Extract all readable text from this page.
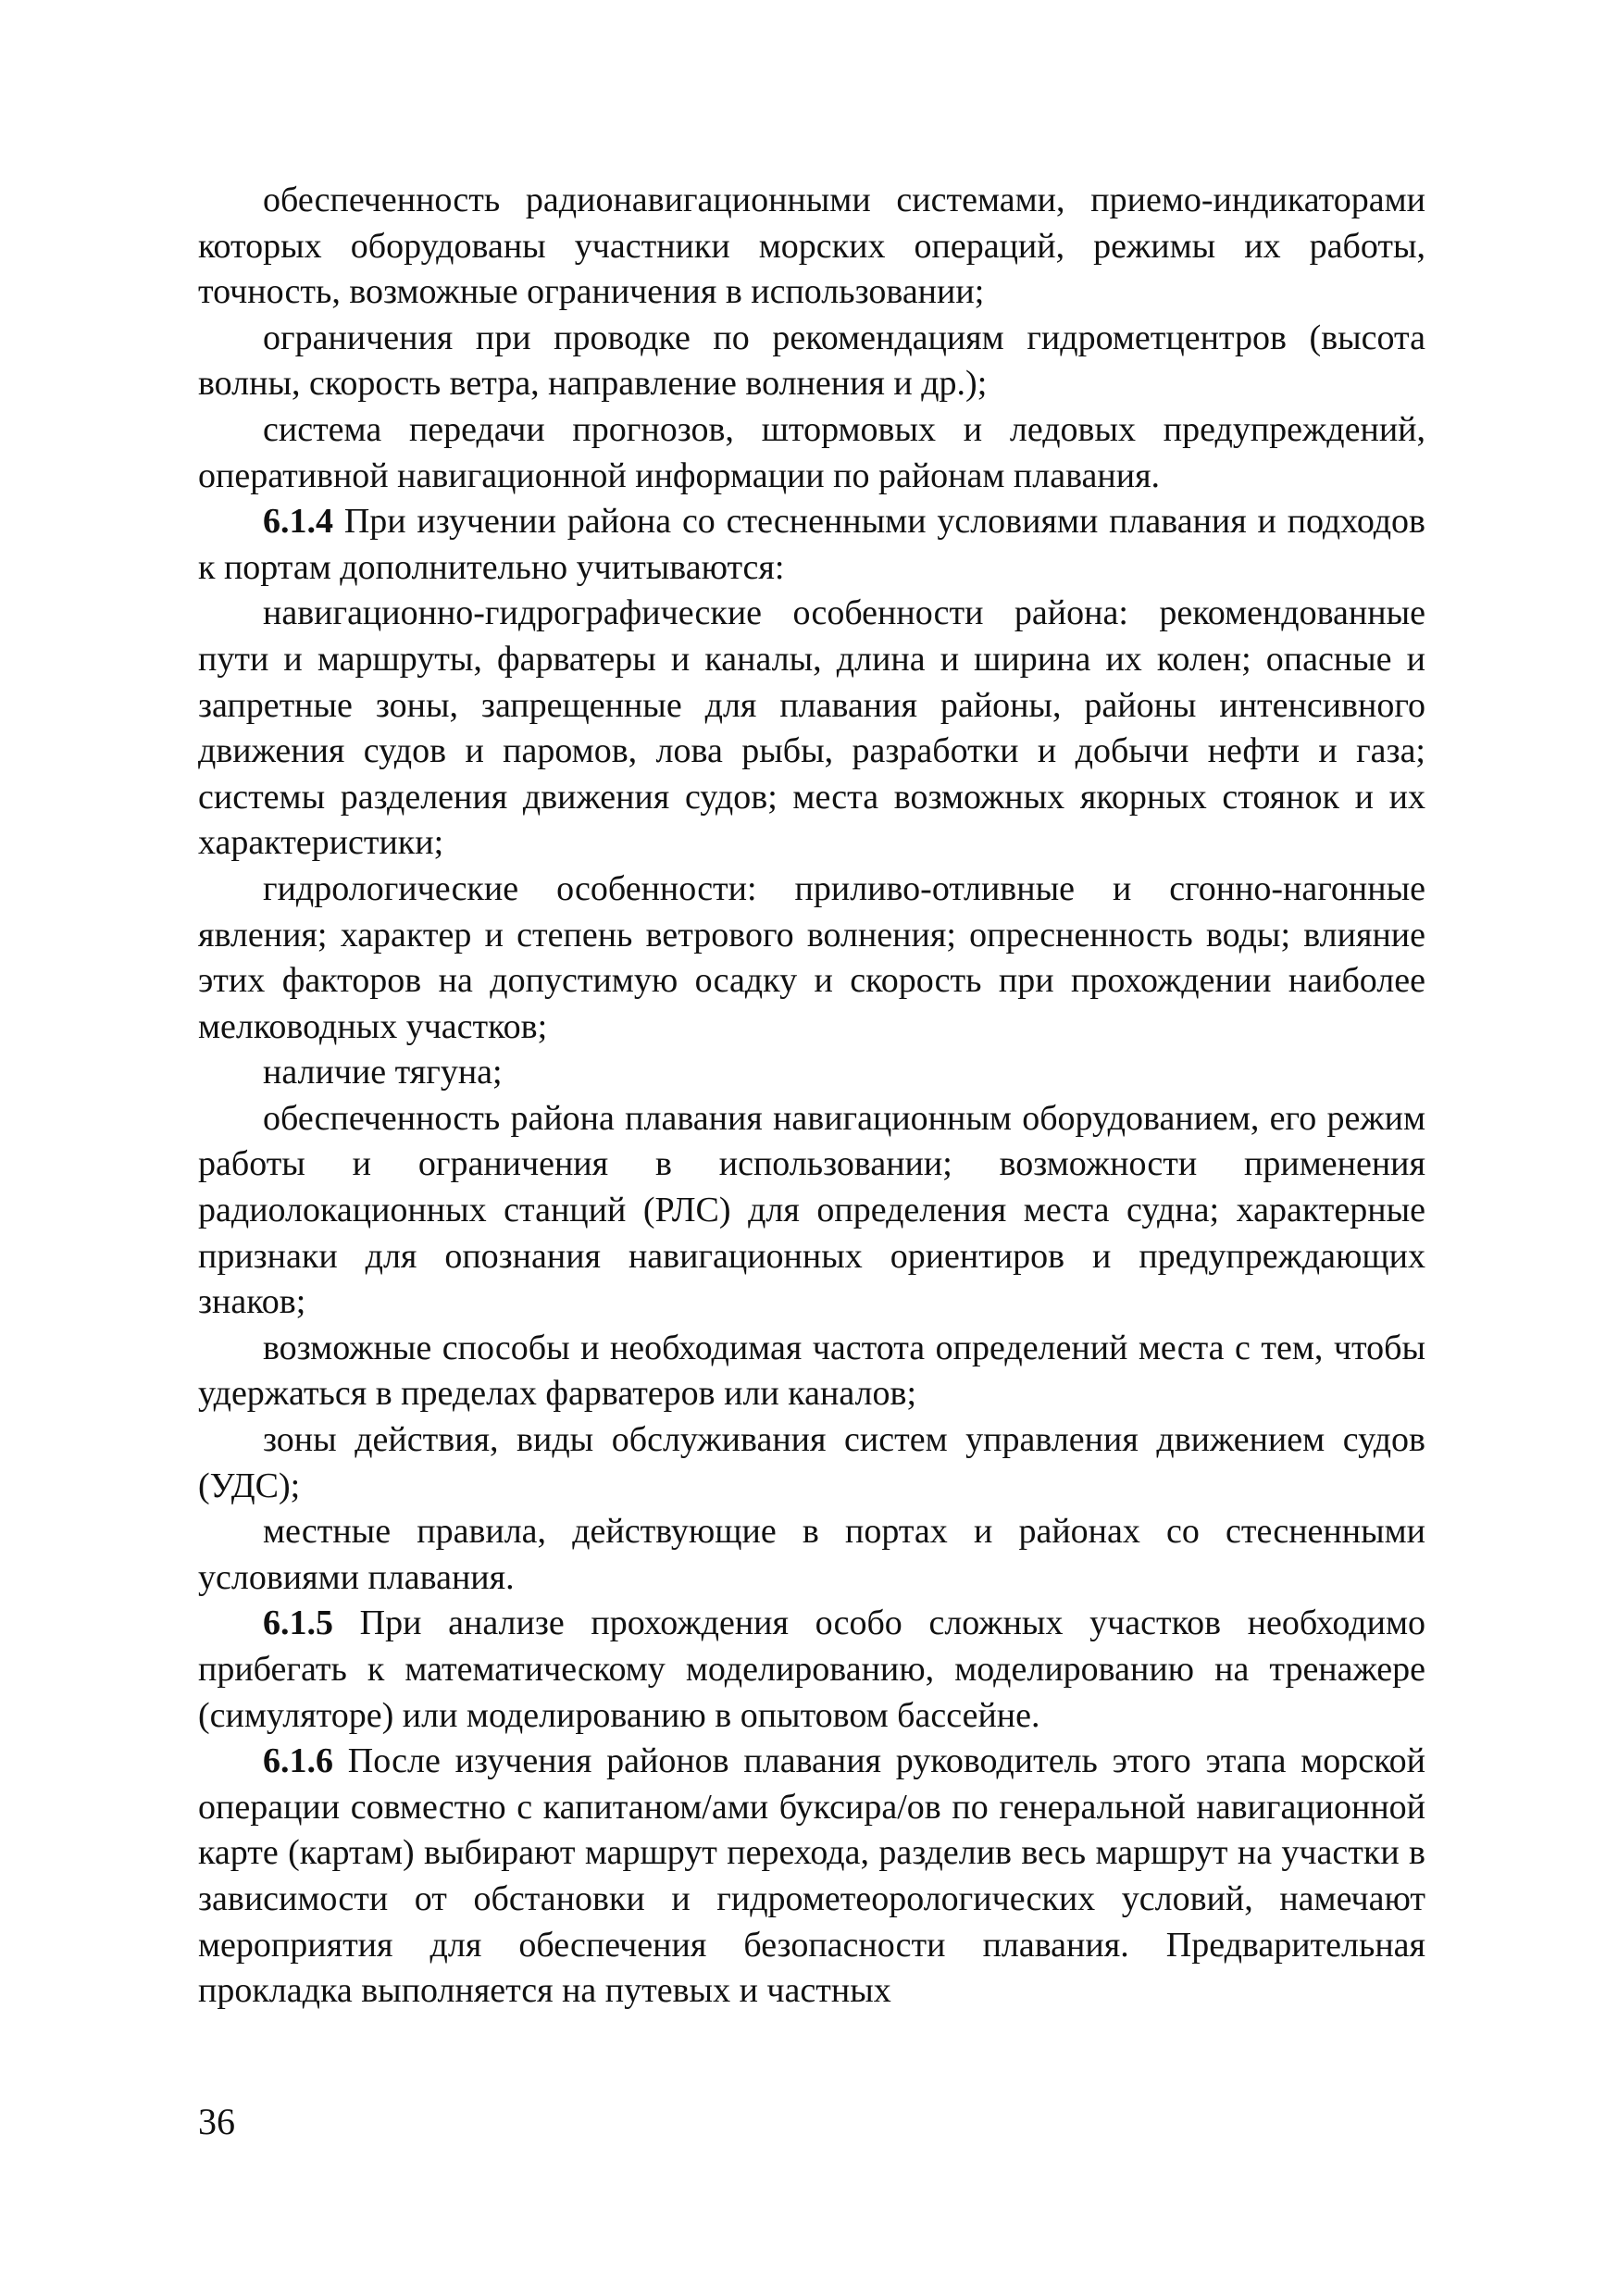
обеспеченность радионавигационными системами, приемо-индикаторами которых оборудованы участники морских операций, режимы их работы, точность, возможные ограничения в использовании;

ограничения при проводке по рекомендациям гидрометцентров (высота волны, скорость ветра, направление волнения и др.);

система передачи прогнозов, штормовых и ледовых предупреждений, оперативной навигационной информации по районам плавания.

6.1.4 При изучении района со стесненными условиями плавания и подходов к портам дополнительно учитываются:

навигационно-гидрографические особенности района: рекомендованные пути и маршруты, фарватеры и каналы, длина и ширина их колен; опасные и запретные зоны, запрещенные для плавания районы, районы интенсивного движения судов и паромов, лова рыбы, разработки и добычи нефти и газа; системы разделения движения судов; места возможных якорных стоянок и их характеристики;

гидрологические особенности: приливо-отливные и сгонно-нагонные явления; характер и степень ветрового волнения; опресненность воды; влияние этих факторов на допустимую осадку и скорость при прохождении наиболее мелководных участков;

наличие тягуна;

обеспеченность района плавания навигационным оборудованием, его режим работы и ограничения в использовании; возможности применения радиолокационных станций (РЛС) для определения места судна; характерные признаки для опознания навигационных ориентиров и предупреждающих знаков;

возможные способы и необходимая частота определений места с тем, чтобы удержаться в пределах фарватеров или каналов;

зоны действия, виды обслуживания систем управления движением судов (УДС);

местные правила, действующие в портах и районах со стесненными условиями плавания.

6.1.5 При анализе прохождения особо сложных участков необходимо прибегать к математическому моделированию, моделированию на тренажере (симуляторе) или моделированию в опытовом бассейне.

6.1.6 После изучения районов плавания руководитель этого этапа морской операции совместно с капитаном/ами буксира/ов по генеральной навигационной карте (картам) выбирают маршрут перехода, разделив весь маршрут на участки в зависимости от обстановки и гидрометеорологических условий, намечают мероприятия для обеспечения безопасности плавания. Предварительная прокладка выполняется на путевых и частных

36
